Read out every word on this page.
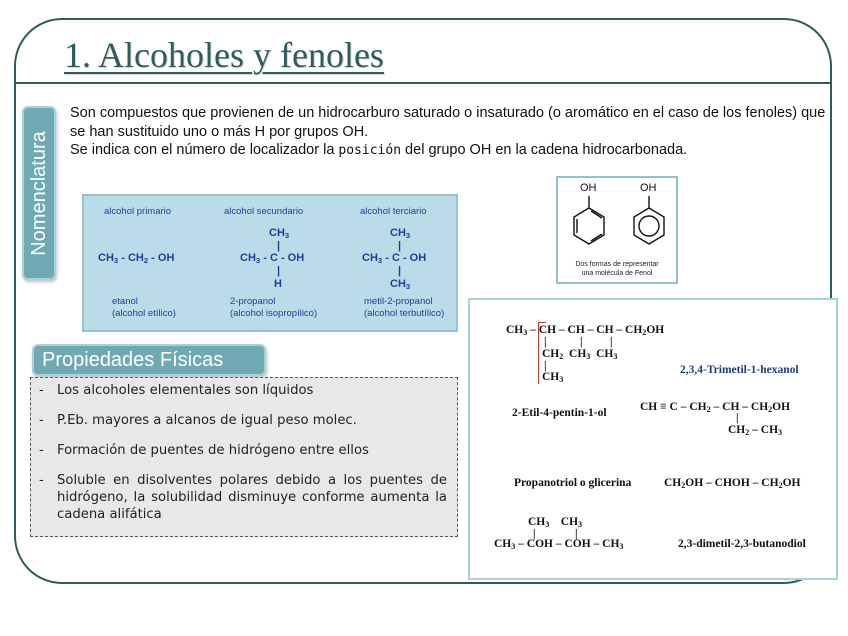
1. Alcoholes y fenoles
Nomenclatura

Son compuestos que provienen de un hidrocarburo saturado o insaturado (o aromático en el caso de los fenoles) que se han sustituido uno o más H por grupos OH.

Se indica con el número de localizador la posición del grupo OH en la cadena hidrocarbonada.

alcohol primario	alcohol secundario	alcohol terciario
$CH_3 - CH_2$ - OH
$CH_3$
|
$CH_3$ - C - OH
|
H
$CH_3$
|
$CH_3$ - C - OH
|
$CH_3$
etanol
(alcohol etílico)
2-propanol
(alcohol isopropílico)
metil-2-propanol
(alcohol terbutílico)
OH	OH
Dos formas de representar
una molécula de Fenol
Propiedades Físicas
- Los alcoholes elementales son líquidos
- P.Eb. mayores a alcanos de igual peso molec.
- Formación de puentes de hidrógeno entre ellos
- Soluble en disolventes polares debido a los puentes de hidrógeno, la solubilidad disminuye conforme aumenta la cadena alifática
$CH_3$ – CH – CH – CH – $CH_2OH$
|	| |
$CH_2$  $CH_3$  $CH_3$
|
$CH_3$
2,3,4-Trimetil-1-hexanol
2-Etil-4-pentin-1-ol	CH ≡ C – $CH_2$ – CH – $CH_2OH$
|
$CH_2 - CH_3$
Propanotriol o glicerina	$CH_2OH$ – CHOH – $CH_2OH$
$CH_3$    $CH_3$
|	|
$CH_3$ – COH – COH – $CH_3$	2,3-dimetil-2,3-butanodiol
